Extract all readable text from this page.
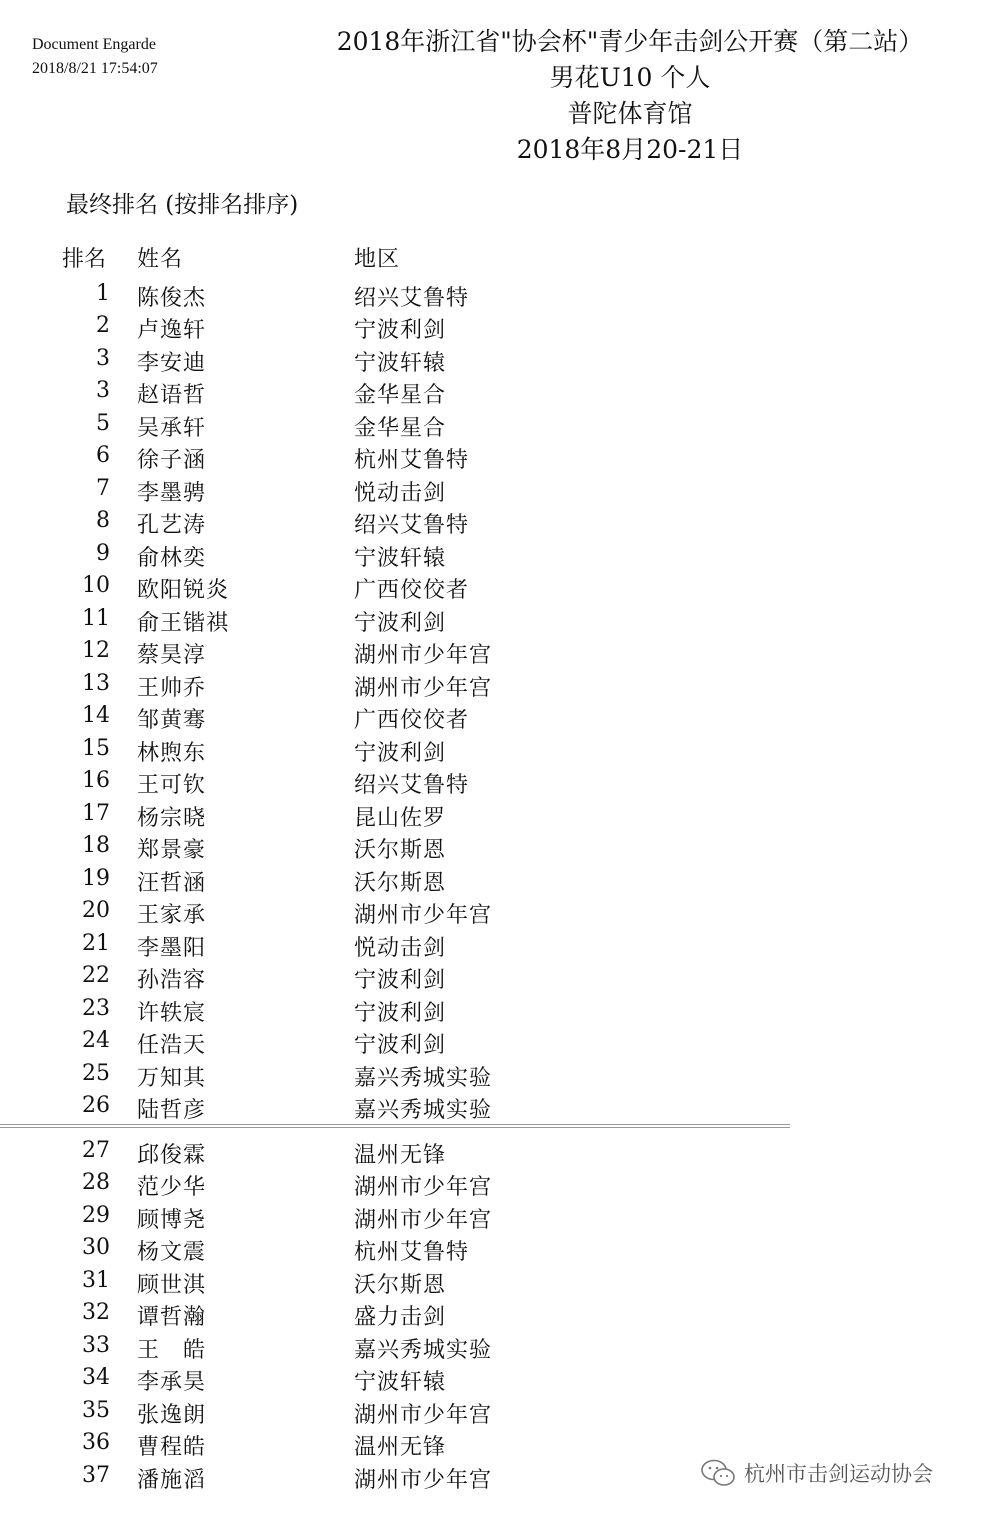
Document Engarde
2018/8/21 17:54:07
2018年浙江省"协会杯"青少年击剑公开赛（第二站）
男花U10 个人
普陀体育馆
2018年8月20-21日
最终排名 (按排名排序)
排名 姓名	地区
1 陈俊杰	绍兴艾鲁特
2 卢逸轩	宁波利剑
3 李安迪	宁波轩辕
3 赵语哲	金华星合
5 吴承轩	金华星合
6 徐子涵	杭州艾鲁特
7 李墨骋	悦动击剑
8 孔艺涛	绍兴艾鲁特
9 俞林奕	宁波轩辕
10 欧阳锐炎	广西佼佼者
11 俞王锴祺	宁波利剑
12 蔡昊淳	湖州市少年宫
13 王帅乔	湖州市少年宫
14 邹黄骞	广西佼佼者
15 林煦东	宁波利剑
16 王可钦	绍兴艾鲁特
17 杨宗晓	昆山佐罗
18 郑景豪	沃尔斯恩
19 汪哲涵	沃尔斯恩
20 王家承	湖州市少年宫
21 李墨阳	悦动击剑
22 孙浩容	宁波利剑
23 许轶宸	宁波利剑
24 任浩天	宁波利剑
25 万知其	嘉兴秀城实验
26 陆哲彦	嘉兴秀城实验
27 邱俊霖	温州无锋
28 范少华	湖州市少年宫
29 顾博尧	湖州市少年宫
30 杨文震	杭州艾鲁特
31 顾世淇	沃尔斯恩
32 谭哲瀚	盛力击剑
33 王　皓	嘉兴秀城实验
34 李承昊	宁波轩辕
35 张逸朗	湖州市少年宫
36 曹程皓	温州无锋
37 潘施滔	湖州市少年宫	杭州市击剑运动协会
